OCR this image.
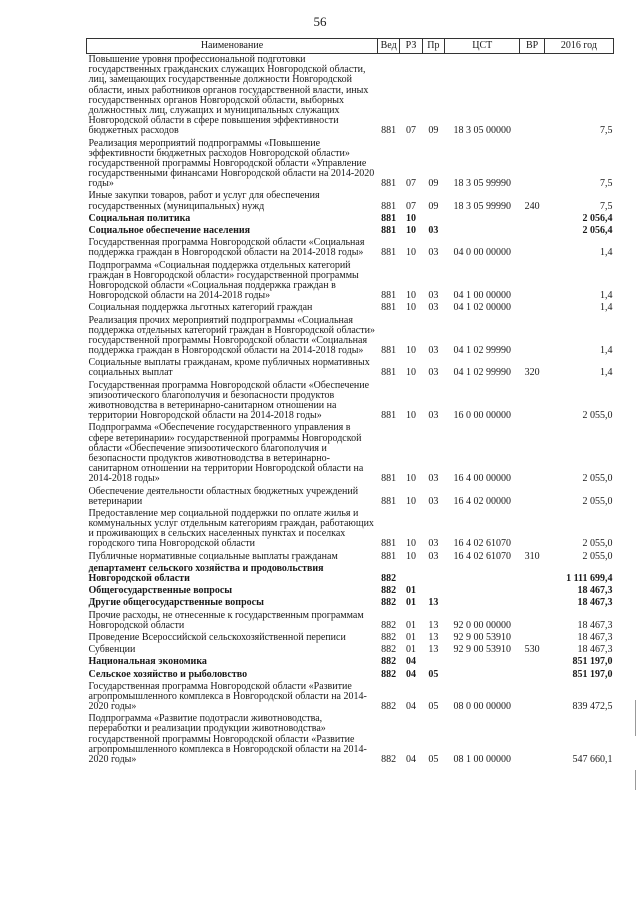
56
Наименование	Вед	РЗ	Пр	ЦСТ	ВР	2016 год
Повышение уровня профессиональной подготовки государственных гражданских служащих Новгородской области, лиц, замещающих государственные должности Новгородской области, иных работников органов государственной власти, иных государственных органов Новгородской области, выборных должностных лиц, служащих и муниципальных служащих Новгородской области в сфере повышения эффективности бюджетных расходов	881	07	09	18 3 05 00000		7,5
Реализация мероприятий подпрограммы «Повышение эффективности бюджетных расходов Новгородской области» государственной программы Новгородской области «Управление государственными финансами Новгородской области на 2014-2020 годы»	881	07	09	18 3 05 99990		7,5
Иные закупки товаров, работ и услуг для обеспечения государственных (муниципальных) нужд	881	07	09	18 3 05 99990	240	7,5
Социальная политика	881	10				2 056,4
Социальное обеспечение населения	881	10	03			2 056,4
Государственная программа Новгородской области «Социальная поддержка граждан в Новгородской области на 2014-2018 годы»	881	10	03	04 0 00 00000		1,4
Подпрограмма «Социальная поддержка отдельных категорий граждан в Новгородской области» государственной программы Новгородской области «Социальная поддержка граждан в Новгородской области на 2014-2018 годы»	881	10	03	04 1 00 00000		1,4
Социальная поддержка льготных категорий граждан	881	10	03	04 1 02 00000		1,4
Реализация прочих мероприятий подпрограммы «Социальная поддержка отдельных категорий граждан в Новгородской области» государственной программы Новгородской области «Социальная поддержка граждан в Новгородской области на 2014-2018 годы»	881	10	03	04 1 02 99990		1,4
Социальные выплаты гражданам, кроме публичных нормативных социальных выплат	881	10	03	04 1 02 99990	320	1,4
Государственная программа Новгородской области «Обеспечение эпизоотического благополучия и безопасности продуктов животноводства в ветеринарно-санитарном отношении на территории Новгородской области на 2014-2018 годы»	881	10	03	16 0 00 00000		2 055,0
Подпрограмма «Обеспечение государственного управления в сфере ветеринарии» государственной программы Новгородской области «Обеспечение эпизоотического благополучия и безопасности продуктов животноводства в ветеринарно-санитарном отношении на территории Новгородской области на 2014-2018 годы»	881	10	03	16 4 00 00000		2 055,0
Обеспечение деятельности областных бюджетных учреждений ветеринарии	881	10	03	16 4 02 00000		2 055,0
Предоставление мер социальной поддержки по оплате жилья и коммунальных услуг отдельным категориям граждан, работающих и проживающих в сельских населенных пунктах и поселках городского типа Новгородской области	881	10	03	16 4 02 61070		2 055,0
Публичные нормативные социальные выплаты гражданам	881	10	03	16 4 02 61070	310	2 055,0
департамент сельского хозяйства и продовольствия Новгородской области	882					1 111 699,4
Общегосударственные вопросы	882	01				18 467,3
Другие общегосударственные вопросы	882	01	13			18 467,3
Прочие расходы, не отнесенные к государственным программам Новгородской области	882	01	13	92 0 00 00000		18 467,3
Проведение Всероссийской сельскохозяйственной переписи	882	01	13	92 9 00 53910		18 467,3
Субвенции	882	01	13	92 9 00 53910	530	18 467,3
Национальная экономика	882	04				851 197,0
Сельское хозяйство и рыболовство	882	04	05			851 197,0
Государственная программа Новгородской области «Развитие агропромышленного комплекса в Новгородской области на 2014-2020 годы»	882	04	05	08 0 00 00000		839 472,5
Подпрограмма «Развитие подотрасли животноводства, переработки и реализации продукции животноводства» государственной программы Новгородской области «Развитие агропромышленного комплекса в Новгородской области на 2014-2020 годы»	882	04	05	08 1 00 00000		547 660,1
